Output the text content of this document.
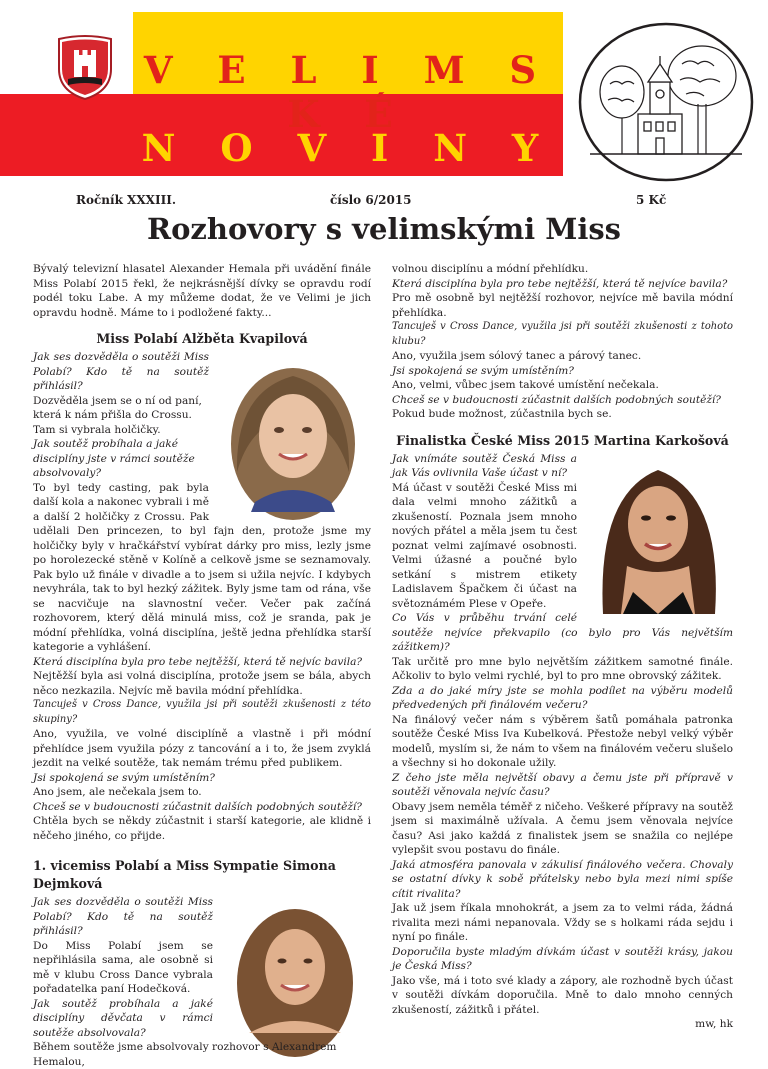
V E L I M S K É
N O V I N Y
Ročník XXXIII.	číslo 6/2015	5 Kč
Rozhovory s velimskými Miss

Bývalý televizní hlasatel Alexander Hemala při uvádění finále Miss Polabí 2015 řekl, že nejkrásnější dívky se opravdu rodí podél toku Labe. A my můžeme dodat, že ve Velimi je jich opravdu hodně. Máme to i podložené fakty...

Miss Polabí Alžběta Kvapilová

Jak ses dozvěděla o soutěži Miss Polabí? Kdo tě na soutěž přihlásil?

Dozvěděla jsem se o ní od paní, která k nám přišla do Crossu. Tam si vybrala holčičky.

Jak soutěž probíhala a jaké disciplíny jste v rámci soutěže absolvovaly?

To byl tedy casting, pak byla další kola a nakonec vybrali i mě a další 2 holčičky z Crossu. Pak udělali Den princezen, to byl fajn den, protože jsme my holčičky byly v hračkářství vybírat dárky pro miss, lezly jsme po horolezecké stěně v Kolíně a celkově jsme se seznamovaly. Pak bylo už finále v divadle a to jsem si užila nejvíc. I kdybych nevyhrála, tak to byl hezký zážitek. Byly jsme tam od rána, vše se nacvičuje na slavnostní večer. Večer pak začíná rozhovorem, který dělá minulá miss, což je sranda, pak je módní přehlídka, volná disciplína, ještě jedna přehlídka starší kategorie a vyhlášení.

Která disciplína byla pro tebe nejtěžší, která tě nejvíc bavila?

Nejtěžší byla asi volná disciplína, protože jsem se bála, abych něco nezkazila. Nejvíc mě bavila módní přehlídka.

Tancuješ v Cross Dance, využila jsi při soutěži zkušenosti z této skupiny?

Ano, využila, ve volné disciplíně a vlastně i při módní přehlídce jsem využila pózy z tancování a i to, že jsem zvyklá jezdit na velké soutěže, tak nemám trému před publikem.

Jsi spokojená se svým umístěním?

Ano jsem, ale nečekala jsem to.

Chceš se v budoucnosti zúčastnit dalších podobných soutěží?

Chtěla bych se někdy zúčastnit i starší kategorie, ale klidně i něčeho jiného, co přijde.

1. vicemiss Polabí a Miss Sympatie Simona Dejmková

Jak ses dozvěděla o soutěži Miss Polabí? Kdo tě na soutěž přihlásil?

Do Miss Polabí jsem se nepřihlásila sama, ale osobně si mě v klubu Cross Dance vybrala pořadatelka paní Hodečková.

Jak soutěž probíhala a jaké disciplíny děvčata v rámci soutěže absolvovala?

Během soutěže jsme absolvovaly rozhovor s Alexandrem Hemalou,

volnou disciplínu a módní přehlídku.

Která disciplína byla pro tebe nejtěžší, která tě nejvíce bavila?

Pro mě osobně byl nejtěžší rozhovor, nejvíce mě bavila módní přehlídka.

Tancuješ v Cross Dance, využila jsi při soutěži zkušenosti z tohoto klubu?

Ano, využila jsem sólový tanec a párový tanec.

Jsi spokojená se svým umístěním?

Ano, velmi, vůbec jsem takové umístění nečekala.

Chceš se v budoucnosti zúčastnit dalších podobných soutěží?

Pokud bude možnost, zúčastnila bych se.

Finalistka České Miss 2015 Martina Karkošová

Jak vnímáte soutěž Česká Miss a jak Vás ovlivnila Vaše účast v ní?

Má účast v soutěži České Miss mi dala velmi mnoho zážitků a zkušeností. Poznala jsem mnoho nových přátel a měla jsem tu čest poznat velmi zajímavé osobnosti. Velmi úžasné a poučné bylo setkání s mistrem etikety Ladislavem Špačkem či účast na světoznámém Plese v Opeře.

Co Vás v průběhu trvání celé soutěže nejvíce překvapilo (co bylo pro Vás největším zážitkem)?

Tak určitě pro mne bylo největším zážitkem samotné finále. Ačkoliv to bylo velmi rychlé, byl to pro mne obrovský zážitek.

Zda a do jaké míry jste se mohla podílet na výběru modelů předvedených při finálovém večeru?

Na finálový večer nám s výběrem šatů pomáhala patronka soutěže České Miss Iva Kubelková. Přestože nebyl velký výběr modelů, myslím si, že nám to všem na finálovém večeru slušelo a všechny si ho dokonale užily.

Z čeho jste měla největší obavy a čemu jste při přípravě v soutěži věnovala nejvíc času?

Obavy jsem neměla téměř z ničeho. Veškeré přípravy na soutěž jsem si maximálně užívala. A čemu jsem věnovala nejvíce času? Asi jako každá z finalistek jsem se snažila co nejlépe vylepšit svou postavu do finále.

Jaká atmosféra panovala v zákulisí finálového večera. Chovaly se ostatní dívky k sobě přátelsky nebo byla mezi nimi spíše cítit rivalita?

Jak už jsem říkala mnohokrát, a jsem za to velmi ráda, žádná rivalita mezi námi nepanovala. Vždy se s holkami ráda sejdu i nyní po finále.

Doporučila byste mladým dívkám účast v soutěži krásy, jakou je Česká Miss?

Jako vše, má i toto své klady a zápory, ale rozhodně bych účast v soutěži dívkám doporučila. Mně to dalo mnoho cenných zkušeností, zážitků i přátel.

mw, hk
